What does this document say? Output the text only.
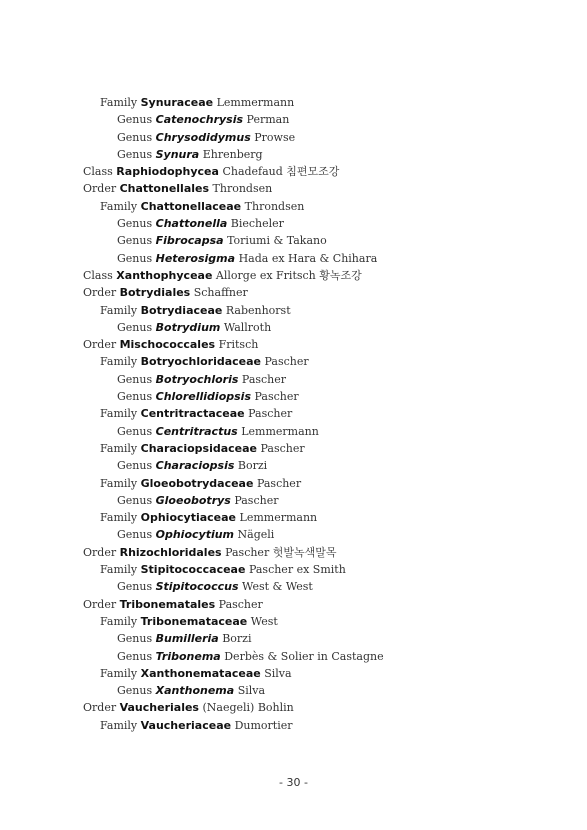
Family Synuraceae Lemmermann
Genus Catenochrysis Perman
Genus Chrysodidymus Prowse
Genus Synura Ehrenberg
Class Raphiodophycea Chadefaud 침편모조강
Order Chattonellales Throndsen
Family Chattonellaceae Throndsen
Genus Chattonella Biecheler
Genus Fibrocapsa Toriumi & Takano
Genus Heterosigma Hada ex Hara & Chihara
Class Xanthophyceae Allorge ex Fritsch 황녹조강
Order Botrydiales Schaffner
Family Botrydiaceae Rabenhorst
Genus Botrydium Wallroth
Order Mischococcales Fritsch
Family Botryochloridaceae Pascher
Genus Botryochloris Pascher
Genus Chlorellidiopsis Pascher
Family Centritractaceae Pascher
Genus Centritractus Lemmermann
Family Characiopsidaceae Pascher
Genus Characiopsis Borzi
Family Gloeobotrydaceae Pascher
Genus Gloeobotrys Pascher
Family Ophiocytiaceae Lemmermann
Genus Ophiocytium Nägeli
Order Rhizochloridales Pascher 헛발녹색말목
Family Stipitococcaceae Pascher ex Smith
Genus Stipitococcus West & West
Order Tribonematales Pascher
Family Tribonemataceae West
Genus Bumilleria Borzi
Genus Tribonema Derbès & Solier in Castagne
Family Xanthonemataceae Silva
Genus Xanthonema Silva
Order Vaucheriales (Naegeli) Bohlin
Family Vaucheriaceae Dumortier
- 30 -
